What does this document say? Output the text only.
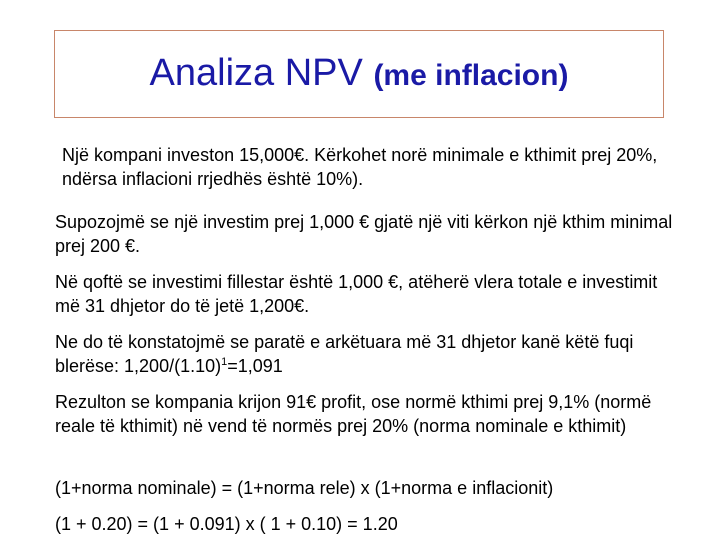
Analiza NPV (me inflacion)

Një kompani investon 15,000€. Kërkohet norë minimale e kthimit prej 20%, ndërsa inflacioni rrjedhës është 10%).

Supozojmë se një investim prej 1,000 € gjatë një viti kërkon një kthim minimal prej 200 €.

Në qoftë se investimi fillestar është 1,000 €, atëherë vlera totale e investimit më 31 dhjetor do të jetë 1,200€.

Ne do të konstatojmë se paratë e arkëtuara më 31 dhjetor kanë këtë fuqi blerëse: $1,200/(1.10)^1=1,091$

Rezulton se kompania krijon 91€ profit, ose normë kthimi prej 9,1% (normë reale të kthimit) në vend të normës prej 20% (norma nominale e kthimit)

(1+norma nominale) = (1+norma rele) x (1+norma e inflacionit)

(1 + 0.20) = (1 + 0.091) x ( 1 + 0.10) = 1.20
